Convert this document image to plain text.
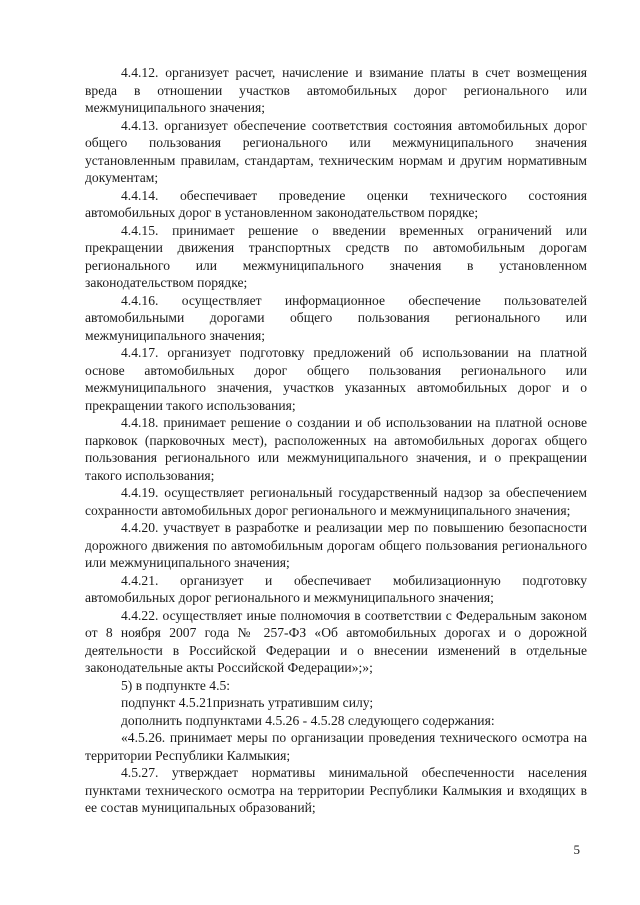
4.4.12. организует расчет, начисление и взимание платы в счет возмещения вреда в отношении участков автомобильных дорог регионального или межмуниципального значения;

4.4.13. организует обеспечение соответствия состояния автомобильных дорог общего пользования регионального или межмуниципального значения установленным правилам, стандартам, техническим нормам и другим нормативным документам;

4.4.14. обеспечивает проведение оценки технического состояния автомобильных дорог в установленном законодательством порядке;

4.4.15. принимает решение о введении временных ограничений или прекращении движения транспортных средств по автомобильным дорогам регионального или межмуниципального значения в установленном законодательством порядке;

4.4.16. осуществляет информационное обеспечение пользователей автомобильными дорогами общего пользования регионального или межмуниципального значения;

4.4.17. организует подготовку предложений об использовании на платной основе автомобильных дорог общего пользования регионального или межмуниципального значения, участков указанных автомобильных дорог и о прекращении такого использования;

4.4.18. принимает решение о создании и об использовании на платной основе парковок (парковочных мест), расположенных на автомобильных дорогах общего пользования регионального или межмуниципального значения, и о прекращении такого использования;

4.4.19. осуществляет региональный государственный надзор за обеспечением сохранности автомобильных дорог регионального и межмуниципального значения;

4.4.20. участвует в разработке и реализации мер по повышению безопасности дорожного движения по автомобильным дорогам общего пользования регионального или межмуниципального значения;

4.4.21. организует и обеспечивает мобилизационную подготовку автомобильных дорог регионального и межмуниципального значения;

4.4.22. осуществляет иные полномочия в соответствии с Федеральным законом от 8 ноября 2007 года № 257-ФЗ «Об автомобильных дорогах и о дорожной деятельности в Российской Федерации и о внесении изменений в отдельные законодательные акты Российской Федерации»;»;

5) в подпункте 4.5:

подпункт 4.5.21признать утратившим силу;

дополнить подпунктами 4.5.26 - 4.5.28 следующего содержания:

«4.5.26. принимает меры по организации проведения технического осмотра на территории Республики Калмыкия;

4.5.27. утверждает нормативы минимальной обеспеченности населения пунктами технического осмотра на территории Республики Калмыкия и входящих в ее состав муниципальных образований;

5
